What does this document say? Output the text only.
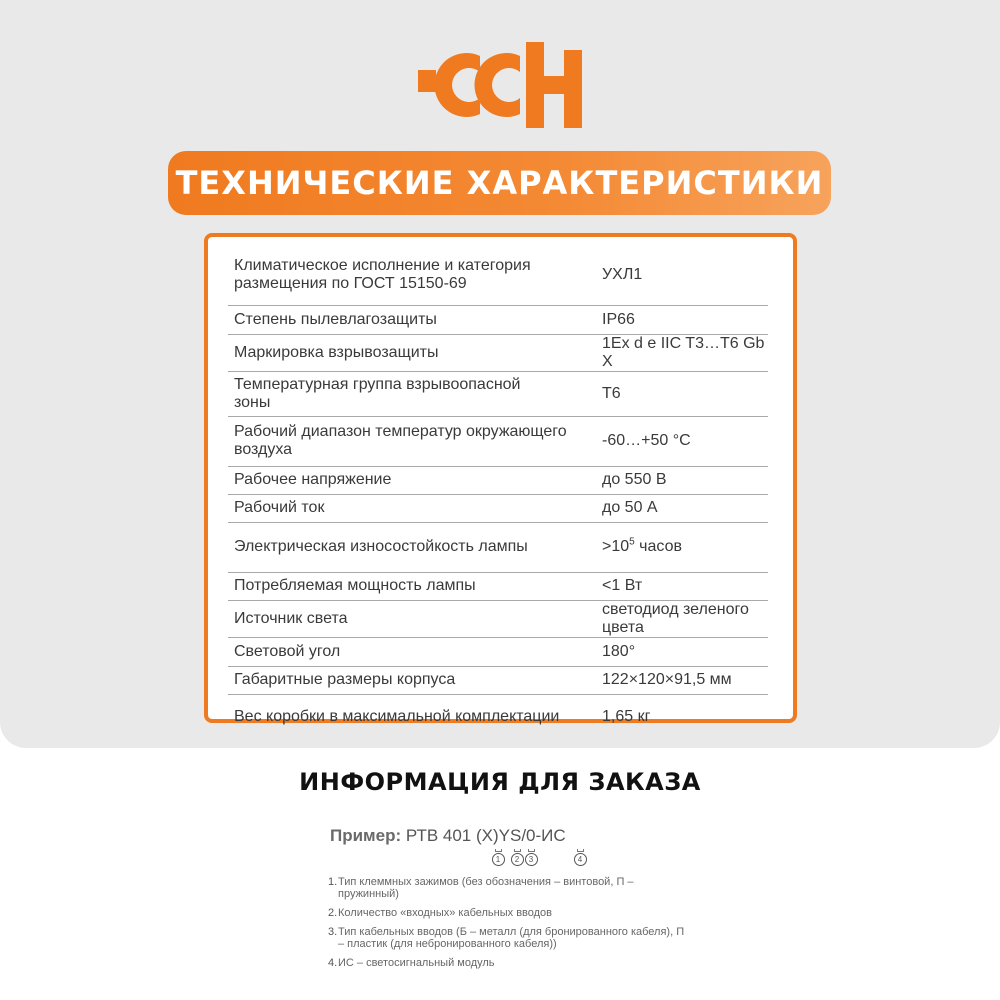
ТЕХНИЧЕСКИЕ ХАРАКТЕРИСТИКИ
Климатическое исполнение и категория размещения по ГОСТ 15150-69	УХЛ1
Степень пылевлагозащиты	IP66
Маркировка взрывозащиты	1Ex d e IIC T3…T6 Gb X
Температурная группа взрывоопасной зоны	Т6
Рабочий диапазон температур окружающего воздуха	-60…+50 °C
Рабочее напряжение	до 550 В
Рабочий ток	до 50 А
Электрическая износостойкость лампы	$>10^5$ часов
Потребляемая мощность лампы	<1 Вт
Источник света	светодиод зеленого цвета
Световой угол	180°
Габаритные размеры корпуса	122×120×91,5 мм
Вес коробки в максимальной комплектации	1,65 кг
ИНФОРМАЦИЯ ДЛЯ ЗАКАЗА
Пример: РТВ 401 (X)YS/0-ИС
1	2	3	4
1. Тип клеммных зажимов (без обозначения – винтовой, П – пружинный)
2. Количество «входных» кабельных вводов
3. Тип кабельных вводов (Б – металл (для бронированного кабеля), П – пластик (для небронированного кабеля))
4. ИС – светосигнальный модуль
